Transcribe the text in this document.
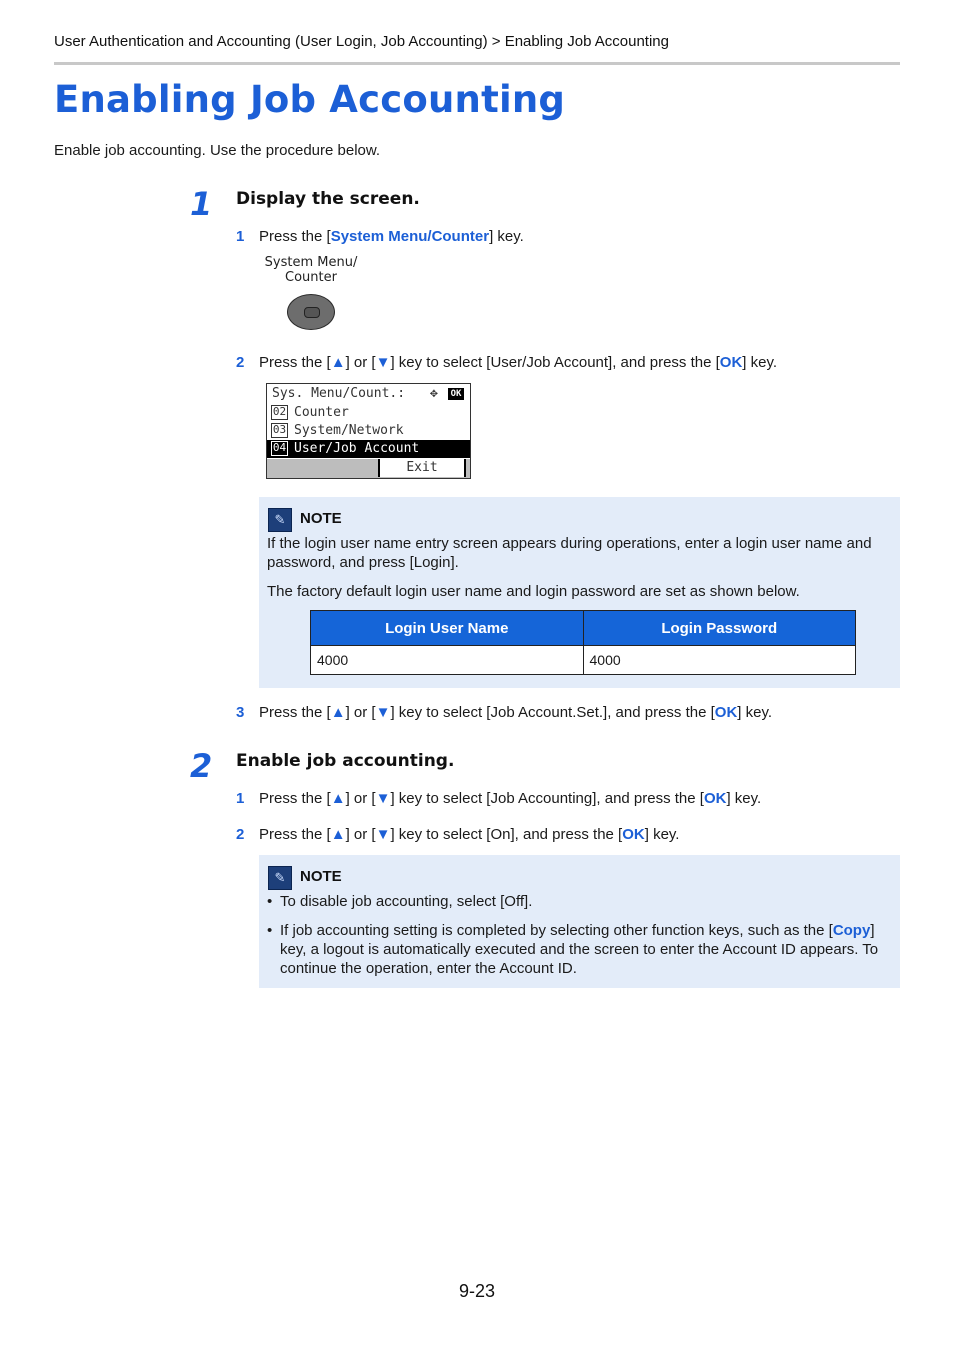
User Authentication and Accounting (User Login, Job Accounting) > Enabling Job Accounting
Enabling Job Accounting
Enable job accounting. Use the procedure below.
1 Display the screen.
1 Press the [System Menu/Counter] key.
System Menu/
Counter
2 Press the [▲] or [▼] key to select [User/Job Account], and press the [OK] key.
Sys. Menu/Count.: ✥ OK
02 Counter
03 System/Network
04 User/Job Account
Exit
✎ NOTE
If the login user name entry screen appears during operations, enter a login user name and password, and press [Login].
The factory default login user name and login password are set as shown below.
Login User Name	Login Password
4000	4000
3 Press the [▲] or [▼] key to select [Job Account.Set.], and press the [OK] key.
2 Enable job accounting.
1 Press the [▲] or [▼] key to select [Job Accounting], and press the [OK] key.
2 Press the [▲] or [▼] key to select [On], and press the [OK] key.
✎ NOTE
• To disable job accounting, select [Off].
• If job accounting setting is completed by selecting other function keys, such as the [Copy] key, a logout is automatically executed and the screen to enter the Account ID appears. To continue the operation, enter the Account ID.
9-23
